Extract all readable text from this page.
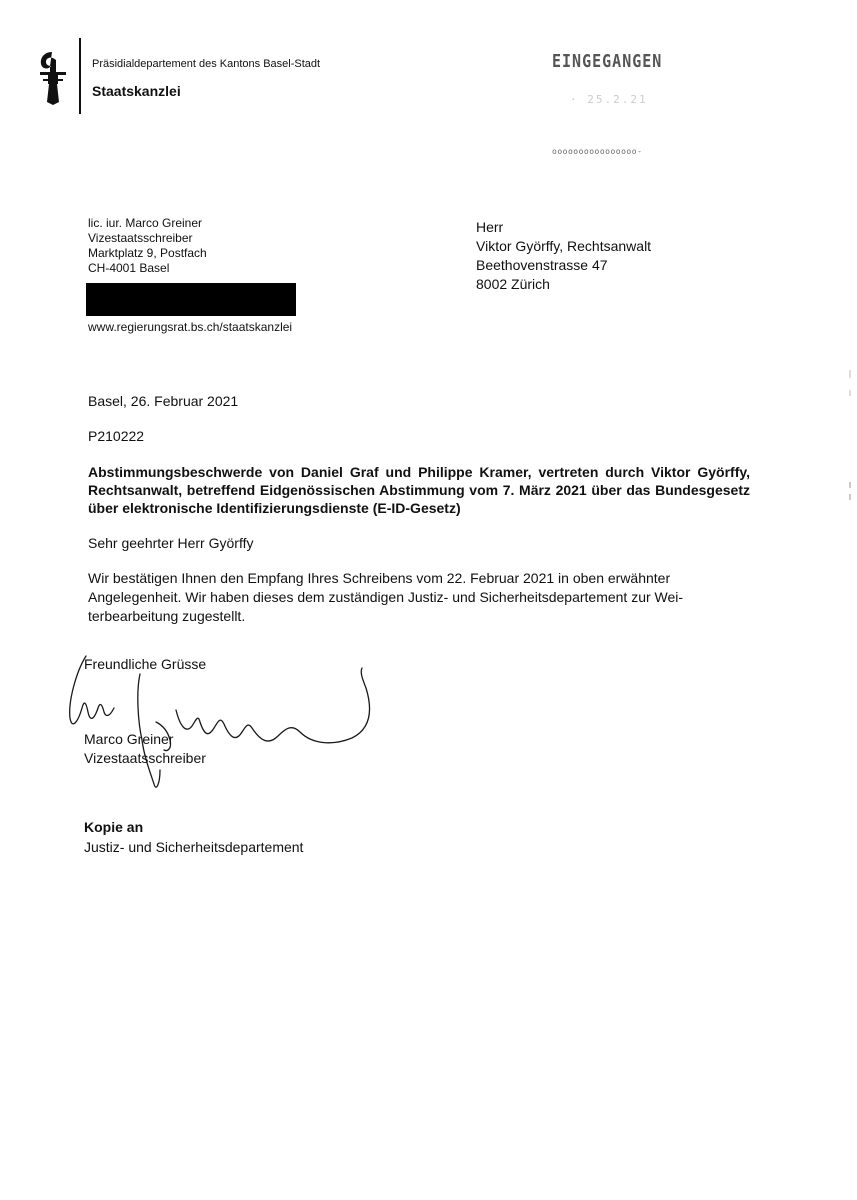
Präsidialdepartement des Kantons Basel-Stadt
Staatskanzlei
EINGEGANGEN
· 25.2.21
oooooooooooooooo-
lic. iur. Marco Greiner
Vizestaatsschreiber
Marktplatz 9, Postfach
CH-4001 Basel
www.regierungsrat.bs.ch/staatskanzlei
Herr
Viktor Györffy, Rechtsanwalt
Beethovenstrasse 47
8002 Zürich
Basel, 26. Februar 2021
P210222
Abstimmungsbeschwerde von Daniel Graf und Philippe Kramer, vertreten durch Viktor Györffy, Rechtsanwalt, betreffend Eidgenössischen Abstimmung vom 7. März 2021 über das Bundesgesetz über elektronische Identifizierungsdienste (E-ID-Gesetz)
Sehr geehrter Herr Györffy
Wir bestätigen Ihnen den Empfang Ihres Schreibens vom 22. Februar 2021 in oben erwähnter
Angelegenheit. Wir haben dieses dem zuständigen Justiz- und Sicherheitsdepartement zur Wei-
terbearbeitung zugestellt.
Freundliche Grüsse
Marco Greiner
Vizestaatsschreiber
Kopie an
Justiz- und Sicherheitsdepartement
